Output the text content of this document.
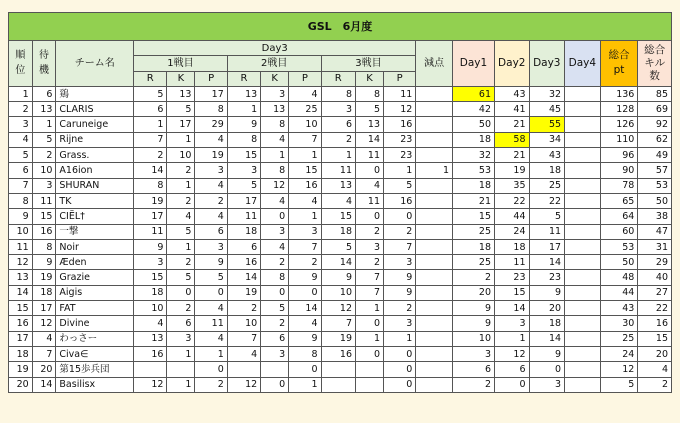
GSL　6月度																		
順位	待機	チーム名	Day3									減点	Day1	Day2	Day3	Day4	総合pt	総合キル数
			1戦目			2戦目			3戦目									
			R	K	P	R	K	P	R	K	P							
1	6	鶏	5	13	17	13	3	4	8	8	11		61	43	32		136	85
2	13	CLARIS	6	5	8	1	13	25	3	5	12		42	41	45		128	69
3	1	Caruneige	1	17	29	9	8	10	6	13	16		50	21	55		126	92
4	5	Rijne	7	1	4	8	4	7	2	14	23		18	58	34		110	62
5	2	Grass.	2	10	19	15	1	1	1	11	23		32	21	43		96	49
6	10	A16ion	14	2	3	3	8	15	11	0	1	1	53	19	18		90	57
7	3	SHURAN	8	1	4	5	12	16	13	4	5		18	35	25		78	53
8	11	TK	19	2	2	17	4	4	4	11	16		21	22	22		65	50
9	15	CIËL†	17	4	4	11	0	1	15	0	0		15	44	5		64	38
10	16	一撃	11	5	6	18	3	3	18	2	2		25	24	11		60	47
11	8	Noir	9	1	3	6	4	7	5	3	7		18	18	17		53	31
12	9	Æden	3	2	9	16	2	2	14	2	3		25	11	14		50	29
13	19	Grazie	15	5	5	14	8	9	9	7	9		2	23	23		48	40
14	18	Aigis	18	0	0	19	0	0	10	7	9		20	15	9		44	27
15	17	FAT	10	2	4	2	5	14	12	1	2		9	14	20		43	22
16	12	Divine	4	6	11	10	2	4	7	0	3		9	3	18		30	16
17	4	わっさー	13	3	4	7	6	9	19	1	1		10	1	14		25	15
18	7	Civa∈	16	1	1	4	3	8	16	0	0		3	12	9		24	20
19	20	第15歩兵団			0			0			0		6	6	0		12	4
20	14	Basilisx	12	1	2	12	0	1			0		2	0	3		5	2
